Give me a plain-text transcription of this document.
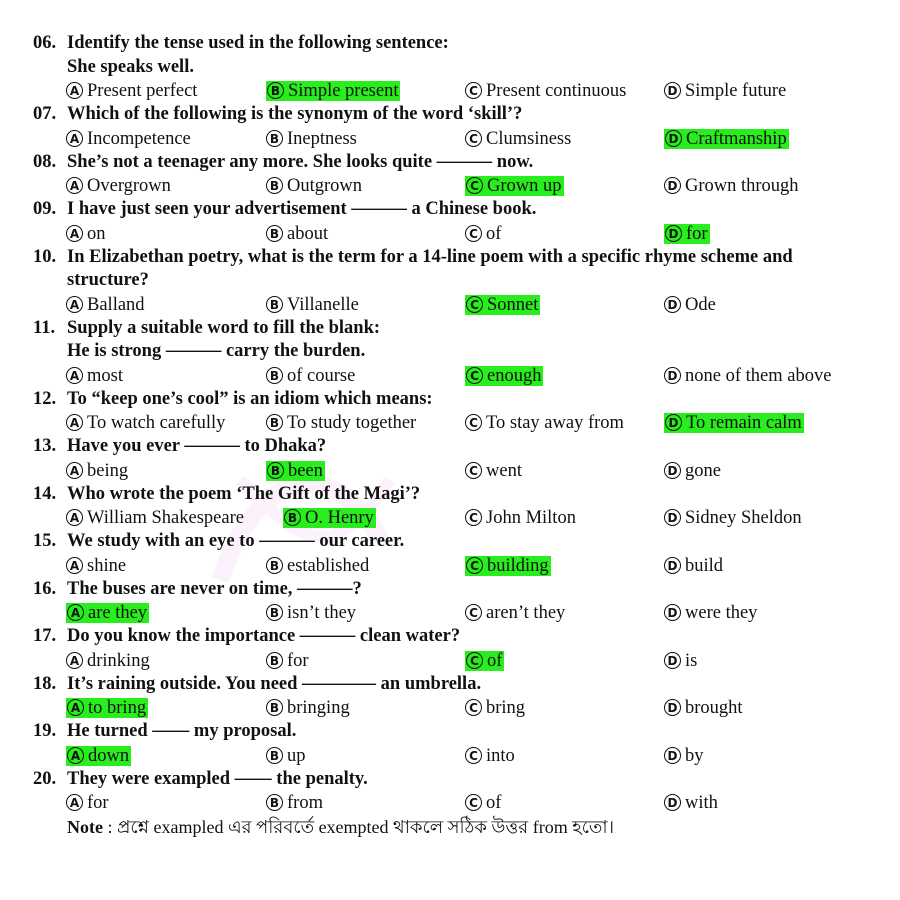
06. Identify the tense used in the following sentence:
She speaks well.
A Present perfect	B Simple present	C Present continuous	D Simple future
07. Which of the following is the synonym of the word ‘skill’?
A Incompetence	B Ineptness	C Clumsiness	D Craftmanship
08. She’s not a teenager any more. She looks quite ——— now.
A Overgrown	B Outgrown	C Grown up	D Grown through
09. I have just seen your advertisement ——— a Chinese book.
A on	B about	C of	D for
10. In Elizabethan poetry, what is the term for a 14-line poem with a specific rhyme scheme and structure?
A Balland	B Villanelle	C Sonnet	D Ode
11. Supply a suitable word to fill the blank:
He is strong ——— carry the burden.
A most	B of course	C enough	D none of them above
12. To “keep one’s cool” is an idiom which means:
A To watch carefully	B To study together	C To stay away from	D To remain calm
13. Have you ever ——— to Dhaka?
A being	B been	C went	D gone
14. Who wrote the poem ‘The Gift of the Magi’?
A William Shakespeare	B O. Henry	C John Milton	D Sidney Sheldon
15. We study with an eye to ——— our career.
A shine	B established	C building	D build
16. The buses are never on time, ———?
A are they	B isn’t they	C aren’t they	D were they
17. Do you know the importance ——— clean water?
A drinking	B for	C of	D is
18. It’s raining outside. You need ———— an umbrella.
A to bring	B bringing	C bring	D brought
19. He turned —— my proposal.
A down	B up	C into	D by
20. They were exampled —— the penalty.
A for	B from	C of	D with
Note : প্রশ্নে exampled এর পরিবর্তে exempted থাকলে সঠিক উত্তর from হতো।
